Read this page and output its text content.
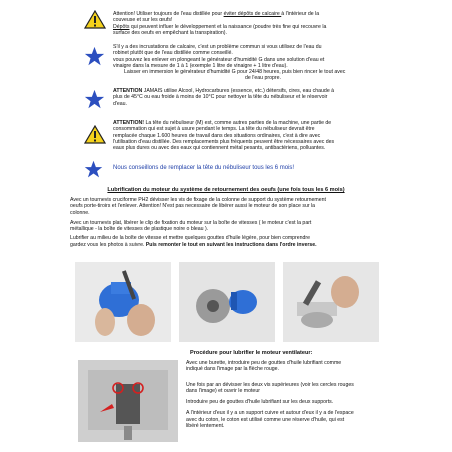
Attention! Utiliser toujours de l'eau distillée pour éviter dépôts de calcaire à l'intérieur de la
couveuse et sur les œufs!
Dépôts qui peuvent influer le développement et la naissance (poudre très fine qui recouvre la
surface des oeufs en empêchant la transpiration).
S'il y a des incrustations de calcaire, c'est un problème commun si vous utilisez de l'eau du
robinet plutôt que de l'eau distillée comme conseillé.
vous pouvez les enlever en plongeant le générateur d'humidité G dans une solution d'eau et
vinaigre dans la mesure de 1 à 1 (exemple 1 litre de vinaigre + 1 litre d'eau).
Laisser en immersion le générateur d'humidité G pour 24/48 heures, puis bien rincer le tout avec
de l'eau propre.
ATTENTION JAMAIS utilise Alcool, Hydrocarbures (essence, etc.) détersifs, cires, eau chaude à
plus de 45°C ou eau froide à moins de 10°C pour nettoyer la tête du nébuliseur et le réservoir
d'eau.
ATTENTION! La tête du nébuliseur (M) est, comme autres parties de la machine, une partie de
consommation qui est sujet à usure pendant le temps. La tête du nébuliseur devrait être
remplacée chaque 1.600 heures de travail dans des situations ordinaires, c'est à dire avec
l'utilisation d'eau distillée. Des remplacements plus fréquents peuvent être nécessaires avec des
eaux plus dures ou avec des eaux qui contiennent métal pesants, antibactériens, polluantes.
Nous conseillons de remplacer la tête du nébuliseur tous les 6 mois!
Lubrification du moteur du système de retournement des oeufs (une fois tous les 6 mois)
Avec un tournevis cruciforme PH2 dévisser les vis de fixage de la colonne de support du système retournement
oeufs porte-tiroirs et l'enlever. Attention! N'est pas necessaire de libérer aussi le moteur de son place sur la
colonne.
Avec un tournevis plat, libérer le clip de fixation du moteur sur la boîte de vitesses ( le moteur c'est la part
métallique - la boîte de vitesses de plastique noire o bleau ).
Lubrifier au milieu de la boîte de vitesse et mettre quelques gouttes d'huile légère, pour bien comprendre
gardez vous les photos à suivre. Puis remonter le tout en suivant les instructions dans l'ordre inverse.
Procédure pour lubrifier le moteur ventilateur:
Avec une burette, introduire peu de gouttes d'huile lubrifiant comme
indiqué dans l'image par la flèche rouge.
Une fois par an dévisser les deux vis supérieures (voir les cercles rouges
dans l'image) et ouvrir le moteur
Introduire peu de gouttes d'huile lubrifiant sur les deux supports.
A l'intérieur d'eux il y a un support cuivre et autour d'eux il y a de l'espace
avec du coton, le coton est utilisé comme une réserve d'huile, qui est
libéré lentement.
